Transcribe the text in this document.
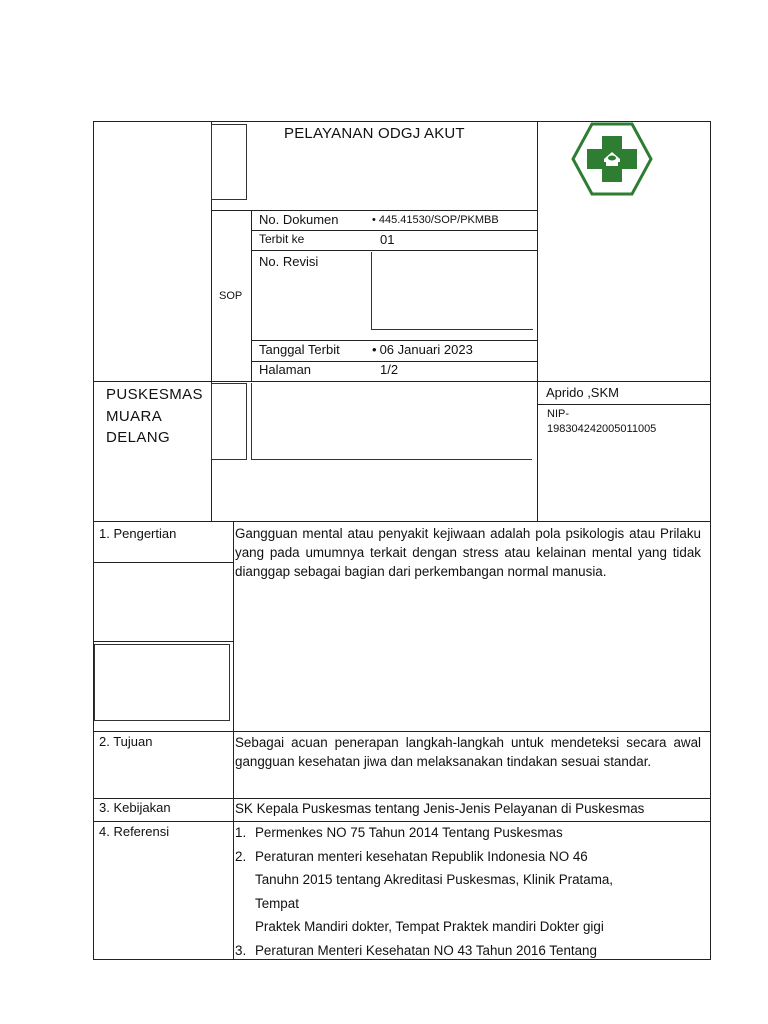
PELAYANAN ODGJ AKUT
SOP
No. Dokumen	• 445.41530/SOP/PKMBB
Terbit ke	01
No. Revisi
Tanggal Terbit • 06 Januari 2023
Halaman	1/2
PUSKESMAS
MUARA
DELANG
Aprido ,SKM
NIP-
198304242005011005
1. Pengertian	Gangguan mental atau penyakit kejiwaan adalah pola psikologis atau Prilaku yang pada umumnya terkait dengan stress atau kelainan mental yang tidak dianggap sebagai bagian dari perkembangan normal manusia.
2. Tujuan	Sebagai acuan penerapan langkah-langkah untuk mendeteksi secara awal gangguan kesehatan jiwa dan melaksanakan tindakan sesuai standar.
3. Kebijakan	SK Kepala Puskesmas tentang Jenis-Jenis Pelayanan di Puskesmas
4. Referensi	1. Permenkes NO 75 Tahun 2014 Tentang Puskesmas
2. Peraturan menteri kesehatan Republik Indonesia NO 46
Tanuhn 2015 tentang Akreditasi Puskesmas, Klinik Pratama,
Tempat
Praktek Mandiri dokter, Tempat Praktek mandiri Dokter gigi
3. Peraturan Menteri Kesehatan NO 43 Tahun 2016 Tentang
